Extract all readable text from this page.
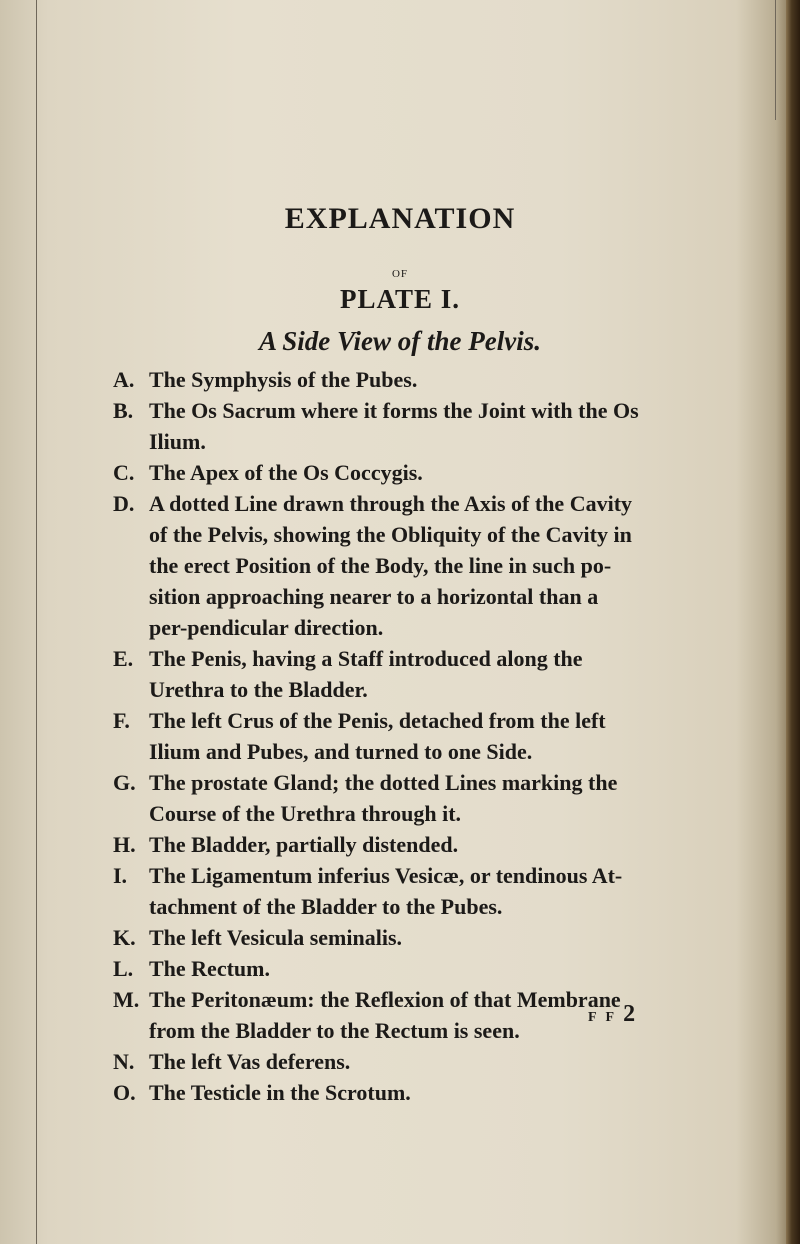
EXPLANATION
OF
PLATE I.
A Side View of the Pelvis.
A. The Symphysis of the Pubes.
B. The Os Sacrum where it forms the Joint with the Os Ilium.
C. The Apex of the Os Coccygis.
D. A dotted Line drawn through the Axis of the Cavity of the Pelvis, showing the Obliquity of the Cavity in the erect Position of the Body, the line in such po-sition approaching nearer to a horizontal than a per-pendicular direction.
E. The Penis, having a Staff introduced along the Urethra to the Bladder.
F. The left Crus of the Penis, detached from the left Ilium and Pubes, and turned to one Side.
G. The prostate Gland; the dotted Lines marking the Course of the Urethra through it.
H. The Bladder, partially distended.
I. The Ligamentum inferius Vesicæ, or tendinous At-tachment of the Bladder to the Pubes.
K. The left Vesicula seminalis.
L. The Rectum.
M. The Peritonæum: the Reflexion of that Membrane from the Bladder to the Rectum is seen.
N. The left Vas deferens.
O. The Testicle in the Scrotum.
F F 2
